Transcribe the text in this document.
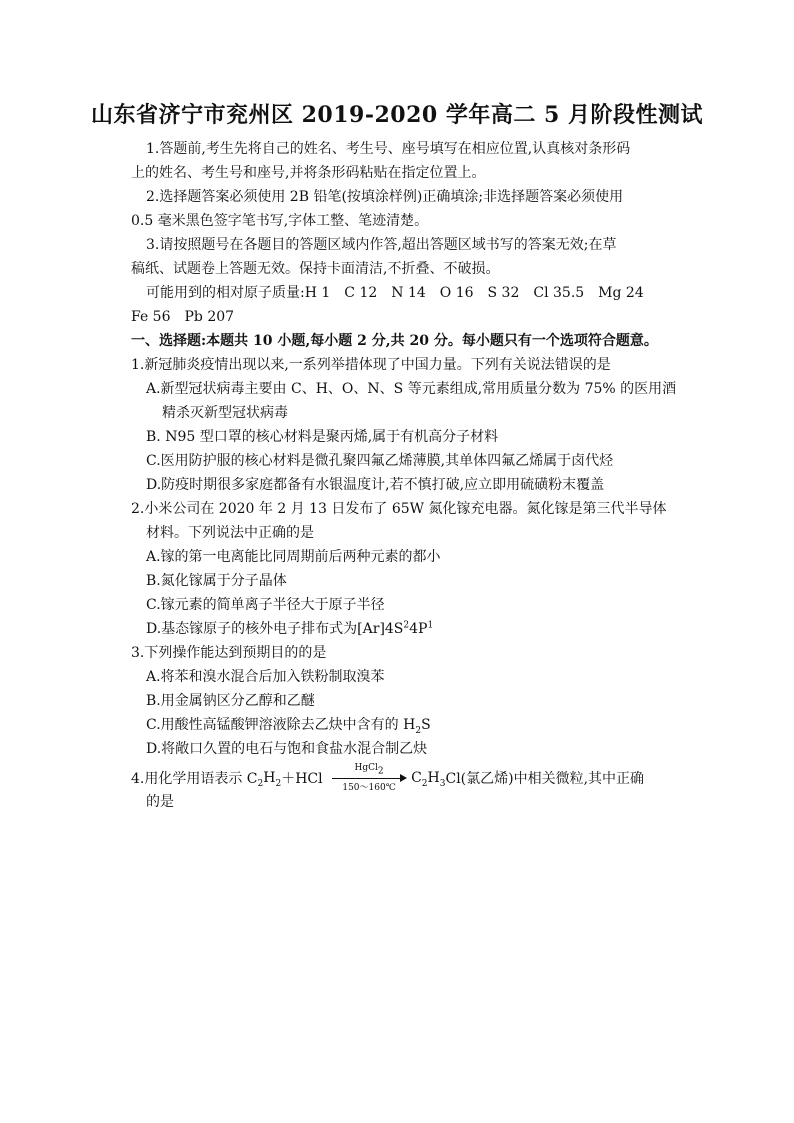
山东省济宁市兖州区 2019-2020 学年高二 5 月阶段性测试
1.答题前,考生先将自己的姓名、考生号、座号填写在相应位置,认真核对条形码
上的姓名、考生号和座号,并将条形码粘贴在指定位置上。
2.选择题答案必须使用 2B 铅笔(按填涂样例)正确填涂;非选择题答案必须使用
0.5 毫米黑色签字笔书写,字体工整、笔迹清楚。
3.请按照题号在各题目的答题区域内作答,超出答题区域书写的答案无效;在草
稿纸、试题卷上答题无效。保持卡面清洁,不折叠、不破损。
可能用到的相对原子质量:H 1　C 12　N 14　O 16　S 32　Cl 35.5　Mg 24
Fe 56　Pb 207
一、选择题:本题共 10 小题,每小题 2 分,共 20 分。每小题只有一个选项符合题意。
1.新冠肺炎疫情出现以来,一系列举措体现了中国力量。下列有关说法错误的是
A.新型冠状病毒主要由 C、H、O、N、S 等元素组成,常用质量分数为 75% 的医用酒
精杀灭新型冠状病毒
B. N95 型口罩的核心材料是聚丙烯,属于有机高分子材料
C.医用防护服的核心材料是微孔聚四氟乙烯薄膜,其单体四氟乙烯属于卤代烃
D.防疫时期很多家庭都备有水银温度计,若不慎打破,应立即用硫磺粉末覆盖
2.小米公司在 2020 年 2 月 13 日发布了 65W 氮化镓充电器。氮化镓是第三代半导体
材料。下列说法中正确的是
A.镓的第一电离能比同周期前后两种元素的都小
B.氮化镓属于分子晶体
C.镓元素的简单离子半径大于原子半径
D.基态镓原子的核外电子排布式为$[Ar]4S^24P^1$
3.下列操作能达到预期目的的是
A.将苯和溴水混合后加入铁粉制取溴苯
B.用金属钠区分乙醇和乙醚
C.用酸性高锰酸钾溶液除去乙炔中含有的 $H_2S$
D.将敞口久置的电石与饱和食盐水混合制乙炔
4.用化学用语表示 $C_2H_2+HCl$
HgCl$_2$
150～160℃
$C_2H_3Cl$(氯乙烯)中相关微粒,其中正确
的是
